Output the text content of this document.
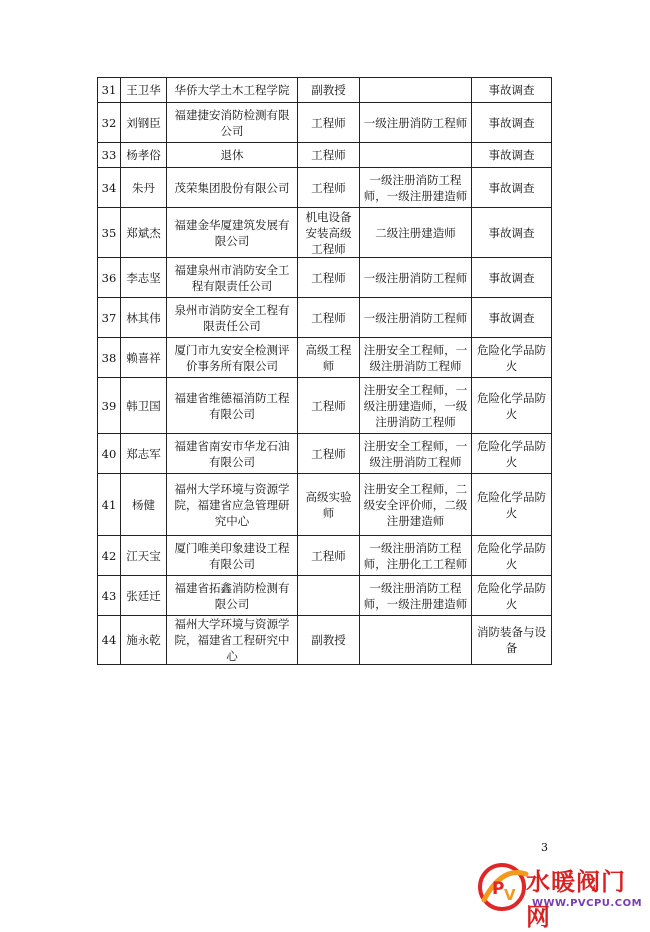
31	王卫华	华侨大学土木工程学院	副教授		事故调查
32	刘钢臣	福建捷安消防检测有限公司	工程师	一级注册消防工程师	事故调查
33	杨孝俗	退休	工程师		事故调查
34	朱丹	茂荣集团股份有限公司	工程师	一级注册消防工程师，一级注册建造师	事故调查
35	郑斌杰	福建金华厦建筑发展有限公司	机电设备安装高级工程师	二级注册建造师	事故调查
36	李志坚	福建泉州市消防安全工程有限责任公司	工程师	一级注册消防工程师	事故调查
37	林其伟	泉州市消防安全工程有限责任公司	工程师	一级注册消防工程师	事故调查
38	赖喜祥	厦门市九安安全检测评价事务所有限公司	高级工程师	注册安全工程师，一级注册消防工程师	危险化学品防火
39	韩卫国	福建省维德福消防工程有限公司	工程师	注册安全工程师，一级注册建造师，一级注册消防工程师	危险化学品防火
40	郑志军	福建省南安市华龙石油有限公司	工程师	注册安全工程师，一级注册消防工程师	危险化学品防火
41	杨健	福州大学环境与资源学院，福建省应急管理研究中心	高级实验师	注册安全工程师，二级安全评价师，二级注册建造师	危险化学品防火
42	江天宝	厦门唯美印象建设工程有限公司	工程师	一级注册消防工程师，注册化工工程师	危险化学品防火
43	张廷迁	福建省拓鑫消防检测有限公司		一级注册消防工程师，一级注册建造师	危险化学品防火
44	施永乾	福州大学环境与资源学院，福建省工程研究中心	副教授		消防装备与设备
3
P V 水暖阀门网
WWW.PVCPU.COM
